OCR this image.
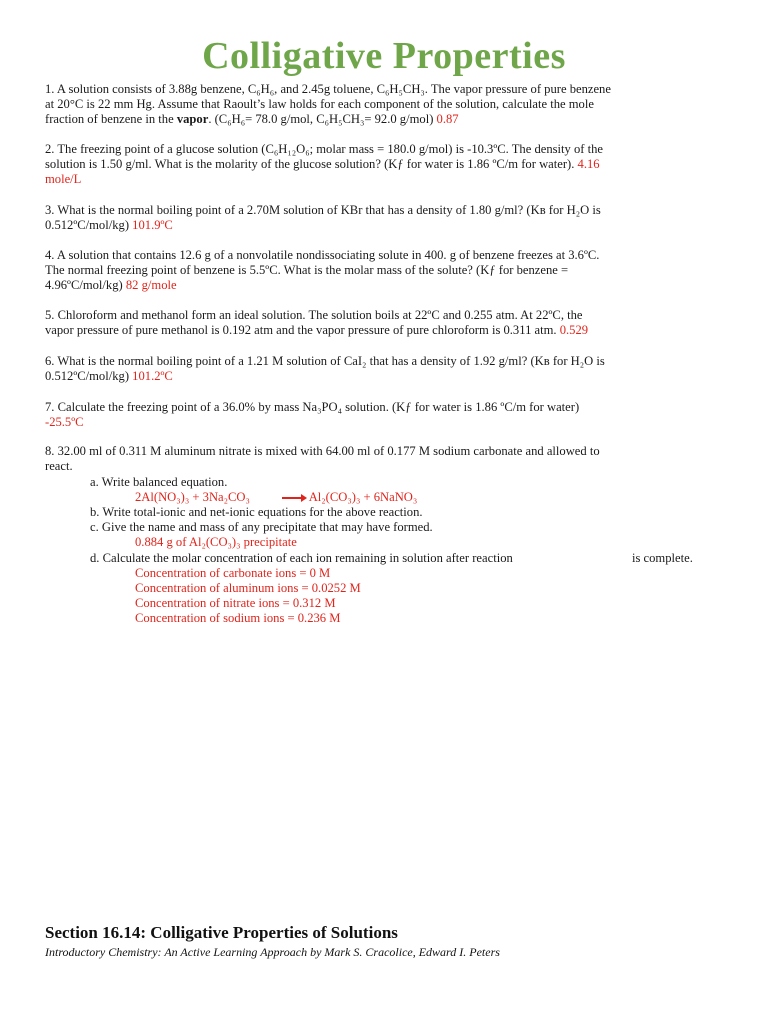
Colligative Properties
1. A solution consists of 3.88g benzene, C₆H₆, and 2.45g toluene, C₆H₅CH₃. The vapor pressure of pure benzene
at 20°C is 22 mm Hg. Assume that Raoult’s law holds for each component of the solution, calculate the mole
fraction of benzene in the vapor. (C₆H₆= 78.0 g/mol, C₆H₅CH₃= 92.0 g/mol) 0.87
2. The freezing point of a glucose solution (C₆H₁₂O₆; molar mass = 180.0 g/mol) is -10.3ºC. The density of the
solution is 1.50 g/ml. What is the molarity of the glucose solution? (Kƒ for water is 1.86 ºC/m for water). 4.16
mole/L
3. What is the normal boiling point of a 2.70M solution of KBr that has a density of 1.80 g/ml? (Kʙ for H₂O is
0.512ºC/mol/kg) 101.9ºC
4. A solution that contains 12.6 g of a nonvolatile nondissociating solute in 400. g of benzene freezes at 3.6ºC.
The normal freezing point of benzene is 5.5ºC. What is the molar mass of the solute? (Kƒ for benzene =
4.96ºC/mol/kg) 82 g/mole
5. Chloroform and methanol form an ideal solution. The solution boils at 22ºC and 0.255 atm. At 22ºC, the
vapor pressure of pure methanol is 0.192 atm and the vapor pressure of pure chloroform is 0.311 atm. 0.529
6. What is the normal boiling point of a 1.21 M solution of CaI₂ that has a density of 1.92 g/ml? (Kʙ for H₂O is
0.512ºC/mol/kg) 101.2ºC
7. Calculate the freezing point of a 36.0% by mass Na₃PO₄ solution. (Kƒ for water is 1.86 ºC/m for water)
-25.5ºC
8. 32.00 ml of 0.311 M aluminum nitrate is mixed with 64.00 ml of 0.177 M sodium carbonate and allowed to
react.
a. Write balanced equation.
2Al(NO₃)₃ + 3Na₂CO₃	→ Al₂(CO₃)₃ + 6NaNO₃
b. Write total-ionic and net-ionic equations for the above reaction.
c. Give the name and mass of any precipitate that may have formed.
0.884 g of Al₂(CO₃)₃ precipitate
d. Calculate the molar concentration of each ion remaining in solution after reaction	is complete.
Concentration of carbonate ions = 0 M
Concentration of aluminum ions = 0.0252 M
Concentration of nitrate ions = 0.312 M
Concentration of sodium ions = 0.236 M
Section 16.14: Colligative Properties of Solutions
Introductory Chemistry: An Active Learning Approach by Mark S. Cracolice, Edward I. Peters
